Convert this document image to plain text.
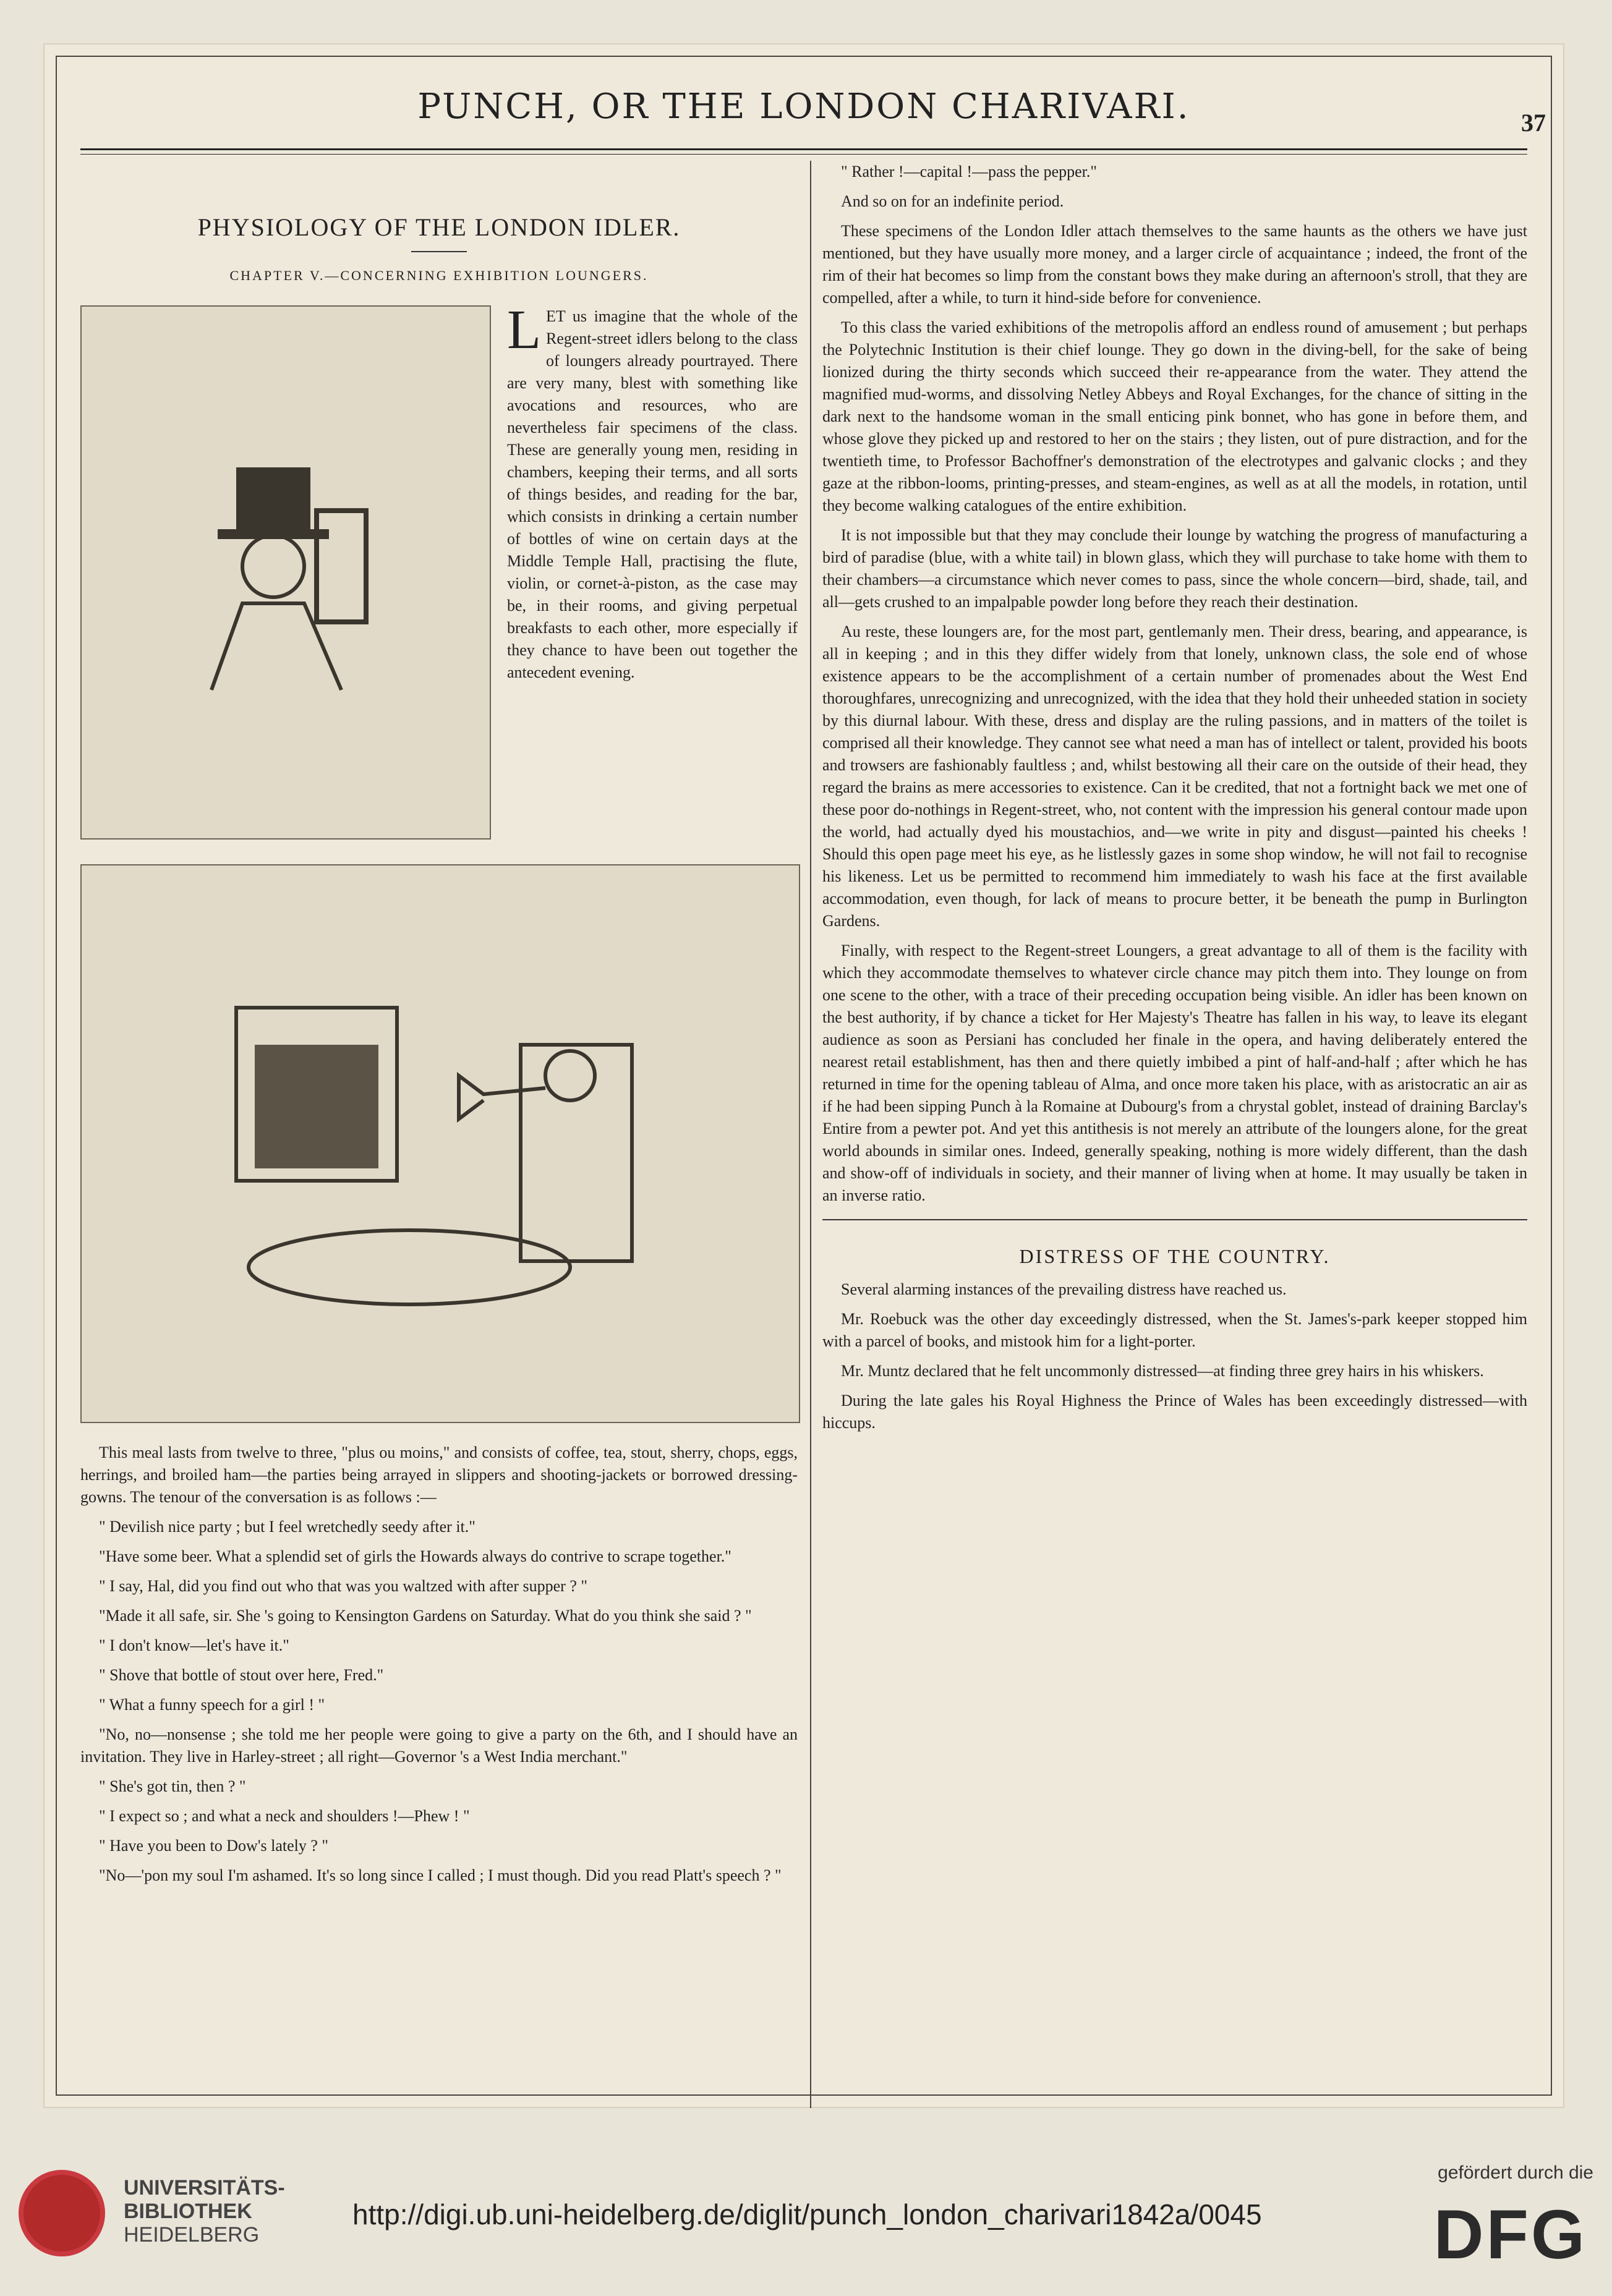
PUNCH, OR THE LONDON CHARIVARI.	37
PHYSIOLOGY OF THE LONDON IDLER.
CHAPTER V.—CONCERNING EXHIBITION LOUNGERS.

LET us imagine that the whole of the Regent-street idlers belong to the class of loungers already pourtrayed. There are very many, blest with something like avocations and resources, who are nevertheless fair specimens of the class. These are generally young men, residing in chambers, keeping their terms, and all sorts of things besides, and reading for the bar, which consists in drinking a certain number of bottles of wine on certain days at the Middle Temple Hall, practising the flute, violin, or cornet-à-piston, as the case may be, in their rooms, and giving perpetual breakfasts to each other, more especially if they chance to have been out together the antecedent evening.

This meal lasts from twelve to three, "plus ou moins," and consists of coffee, tea, stout, sherry, chops, eggs, herrings, and broiled ham—the parties being arrayed in slippers and shooting-jackets or borrowed dressing-gowns. The tenour of the conversation is as follows :—

" Devilish nice party ; but I feel wretchedly seedy after it."

"Have some beer. What a splendid set of girls the Howards always do contrive to scrape together."

" I say, Hal, did you find out who that was you waltzed with after supper ? "

"Made it all safe, sir. She 's going to Kensington Gardens on Saturday. What do you think she said ? "

" I don't know—let's have it."

" Shove that bottle of stout over here, Fred."

" What a funny speech for a girl ! "

"No, no—nonsense ; she told me her people were going to give a party on the 6th, and I should have an invitation. They live in Harley-street ; all right—Governor 's a West India merchant."

" She's got tin, then ? "

" I expect so ; and what a neck and shoulders !—Phew ! "

" Have you been to Dow's lately ? "

"No—'pon my soul I'm ashamed. It's so long since I called ; I must though. Did you read Platt's speech ? "

" Rather !—capital !—pass the pepper."

And so on for an indefinite period.

These specimens of the London Idler attach themselves to the same haunts as the others we have just mentioned, but they have usually more money, and a larger circle of acquaintance ; indeed, the front of the rim of their hat becomes so limp from the constant bows they make during an afternoon's stroll, that they are compelled, after a while, to turn it hind-side before for convenience.

To this class the varied exhibitions of the metropolis afford an endless round of amusement ; but perhaps the Polytechnic Institution is their chief lounge. They go down in the diving-bell, for the sake of being lionized during the thirty seconds which succeed their re-appearance from the water. They attend the magnified mud-worms, and dissolving Netley Abbeys and Royal Exchanges, for the chance of sitting in the dark next to the handsome woman in the small enticing pink bonnet, who has gone in before them, and whose glove they picked up and restored to her on the stairs ; they listen, out of pure distraction, and for the twentieth time, to Professor Bachoffner's demonstration of the electrotypes and galvanic clocks ; and they gaze at the ribbon-looms, printing-presses, and steam-engines, as well as at all the models, in rotation, until they become walking catalogues of the entire exhibition.

It is not impossible but that they may conclude their lounge by watching the progress of manufacturing a bird of paradise (blue, with a white tail) in blown glass, which they will purchase to take home with them to their chambers—a circumstance which never comes to pass, since the whole concern—bird, shade, tail, and all—gets crushed to an impalpable powder long before they reach their destination.

Au reste, these loungers are, for the most part, gentlemanly men. Their dress, bearing, and appearance, is all in keeping ; and in this they differ widely from that lonely, unknown class, the sole end of whose existence appears to be the accomplishment of a certain number of promenades about the West End thoroughfares, unrecognizing and unrecognized, with the idea that they hold their unheeded station in society by this diurnal labour. With these, dress and display are the ruling passions, and in matters of the toilet is comprised all their knowledge. They cannot see what need a man has of intellect or talent, provided his boots and trowsers are fashionably faultless ; and, whilst bestowing all their care on the outside of their head, they regard the brains as mere accessories to existence. Can it be credited, that not a fortnight back we met one of these poor do-nothings in Regent-street, who, not content with the impression his general contour made upon the world, had actually dyed his moustachios, and—we write in pity and disgust—painted his cheeks ! Should this open page meet his eye, as he listlessly gazes in some shop window, he will not fail to recognise his likeness. Let us be permitted to recommend him immediately to wash his face at the first available accommodation, even though, for lack of means to procure better, it be beneath the pump in Burlington Gardens.

Finally, with respect to the Regent-street Loungers, a great advantage to all of them is the facility with which they accommodate themselves to whatever circle chance may pitch them into. They lounge on from one scene to the other, with a trace of their preceding occupation being visible. An idler has been known on the best authority, if by chance a ticket for Her Majesty's Theatre has fallen in his way, to leave its elegant audience as soon as Persiani has concluded her finale in the opera, and having deliberately entered the nearest retail establishment, has then and there quietly imbibed a pint of half-and-half ; after which he has returned in time for the opening tableau of Alma, and once more taken his place, with as aristocratic an air as if he had been sipping Punch à la Romaine at Dubourg's from a chrystal goblet, instead of draining Barclay's Entire from a pewter pot. And yet this antithesis is not merely an attribute of the loungers alone, for the great world abounds in similar ones. Indeed, generally speaking, nothing is more widely different, than the dash and show-off of individuals in society, and their manner of living when at home. It may usually be taken in an inverse ratio.

DISTRESS OF THE COUNTRY.

Several alarming instances of the prevailing distress have reached us.

Mr. Roebuck was the other day exceedingly distressed, when the St. James's-park keeper stopped him with a parcel of books, and mistook him for a light-porter.

Mr. Muntz declared that he felt uncommonly distressed—at finding three grey hairs in his whiskers.

During the late gales his Royal Highness the Prince of Wales has been exceedingly distressed—with hiccups.

UNIVERSITÄTS-
BIBLIOTHEK
HEIDELBERG
http://digi.ub.uni-heidelberg.de/diglit/punch_london_charivari1842a/0045
gefördert durch die
DFG
